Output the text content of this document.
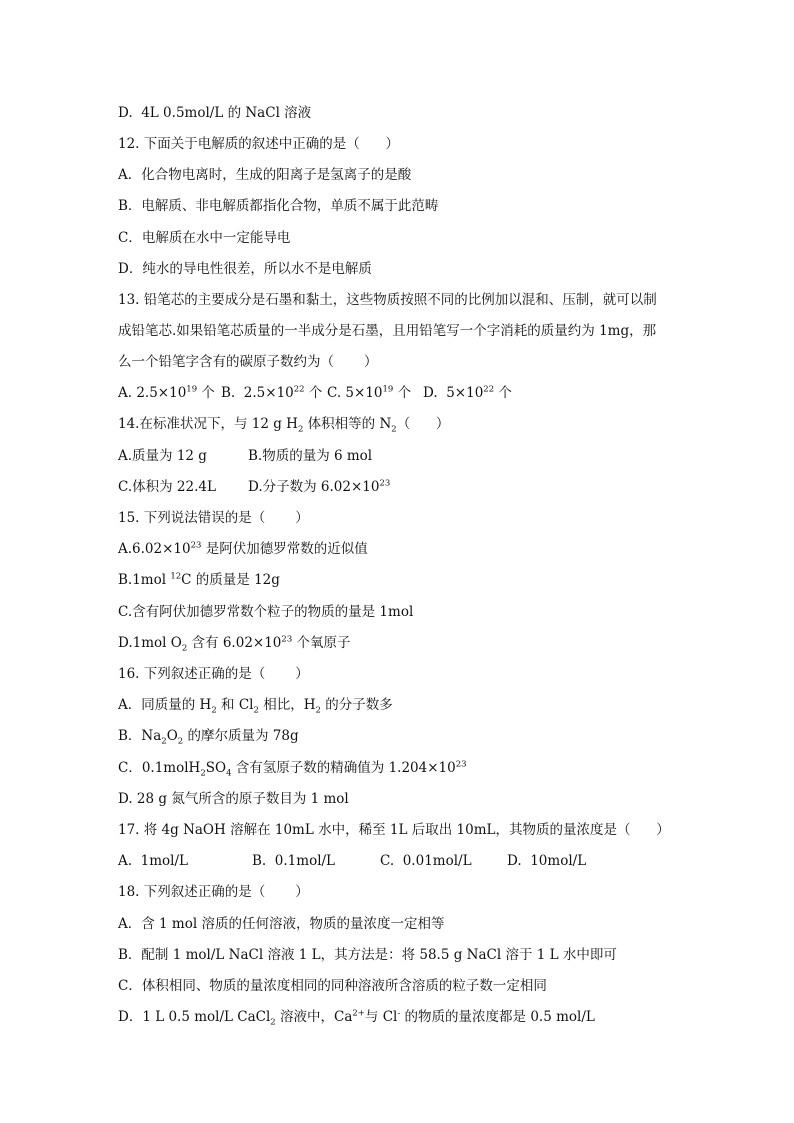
D.  4L 0.5mol/L 的 NaCl 溶液
12. 下面关于电解质的叙述中正确的是（      ）
A．化合物电离时，生成的阳离子是氢离子的是酸
B．电解质、非电解质都指化合物，单质不属于此范畴
C．电解质在水中一定能导电
D．纯水的导电性很差，所以水不是电解质
13. 铅笔芯的主要成分是石墨和黏土，这些物质按照不同的比例加以混和、压制，就可以制
成铅笔芯.如果铅笔芯质量的一半成分是石墨，且用铅笔写一个字消耗的质量约为 1mg，那
么一个铅笔字含有的碳原子数约为（       ）
A. $2.5\times 10^{19}$ 个 B.  $2.5\times 10^{22}$ 个 C. $5\times 10^{19}$ 个 D.  $5\times 10^{22}$ 个
14.在标准状况下，与 12 g $H_2$ 体积相等的 $N_2$（      ）
A.质量为 12 g	B.物质的量为 6 mol
C.体积为 22.4L D.分子数为 $6.02\times 10^{23}$
15. 下列说法错误的是（       ）
$A.6.02\times 10^{23}$ 是阿伏加德罗常数的近似值
B.1mol $^{12}$C 的质量是 12g
C.含有阿伏加德罗常数个粒子的物质的量是 1mol
D.1mol $O_2$ 含有 $6.02\times 10^{23}$ 个氧原子
16. 下列叙述正确的是（       ）
A．同质量的 $H_2$ 和 $Cl_2$ 相比，$H_2$ 的分子数多
B．$Na_2O_2$ 的摩尔质量为 78g
C．$0.1molH_2SO_4$ 含有氢原子数的精确值为 $1.204\times 10^{23}$
D. 28 g 氮气所含的原子数目为 1 mol
17. 将 4g NaOH 溶解在 10mL 水中，稀至 1L 后取出 10mL，其物质的量浓度是（      ）
A.  1mol/L	B.  0.1mol/L	C.  0.01mol/L	D.  10mol/L
18. 下列叙述正确的是（       ）
A．含 1 mol 溶质的任何溶液，物质的量浓度一定相等
B．配制 1 mol/L NaCl 溶液 1 L，其方法是：将 58.5 g NaCl 溶于 1 L 水中即可
C．体积相同、物质的量浓度相同的同种溶液所含溶质的粒子数一定相同
D．1 L 0.5 mol/L CaCl$_2$ 溶液中，$Ca^{2+}$与 Cl- 的物质的量浓度都是 0.5 mol/L
